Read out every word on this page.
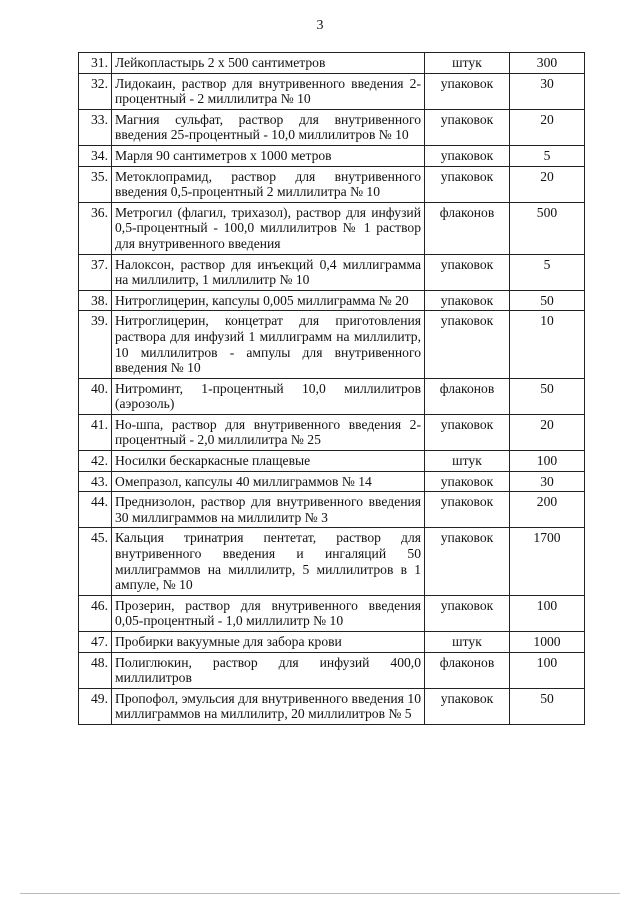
3
31.	Лейкопластырь 2 x 500 сантиметров	штук	300
32.	Лидокаин, раствор для внутривенного введения 2-процентный - 2 миллилитра № 10	упаковок	30
33.	Магния сульфат, раствор для внутривенного введения 25-процентный - 10,0 миллилитров № 10	упаковок	20
34.	Марля 90 сантиметров x 1000 метров	упаковок	5
35.	Метоклопрамид, раствор для внутривенного введения 0,5-процентный 2 миллилитра № 10	упаковок	20
36.	Метрогил (флагил, трихазол), раствор для инфузий 0,5-процентный - 100,0 миллилитров № 1 раствор для внутривенного введения	флаконов	500
37.	Налоксон, раствор для инъекций 0,4 миллиграмма на миллилитр, 1 миллилитр № 10	упаковок	5
38.	Нитроглицерин, капсулы 0,005 миллиграмма № 20	упаковок	50
39.	Нитроглицерин, концетрат для приготовления раствора для инфузий 1 миллиграмм на миллилитр, 10 миллилитров - ампулы для внутривенного введения № 10	упаковок	10
40.	Нитроминт, 1-процентный 10,0 миллилитров (аэрозоль)	флаконов	50
41.	Но-шпа, раствор для внутривенного введения 2-процентный - 2,0 миллилитра № 25	упаковок	20
42.	Носилки бескаркасные плащевые	штук	100
43.	Омепразол, капсулы 40 миллиграммов № 14	упаковок	30
44.	Преднизолон, раствор для внутривенного введения 30 миллиграммов на миллилитр № 3	упаковок	200
45.	Кальция тринатрия пентетат, раствор для внутривенного введения и ингаляций 50 миллиграммов на миллилитр, 5 миллилитров в 1 ампуле, № 10	упаковок	1700
46.	Прозерин, раствор для внутривенного введения 0,05-процентный - 1,0 миллилитр № 10	упаковок	100
47.	Пробирки вакуумные для забора крови	штук	1000
48.	Полиглюкин, раствор для инфузий 400,0 миллилитров	флаконов	100
49.	Пропофол, эмульсия для внутривенного введения 10 миллиграммов на миллилитр, 20 миллилитров № 5	упаковок	50
